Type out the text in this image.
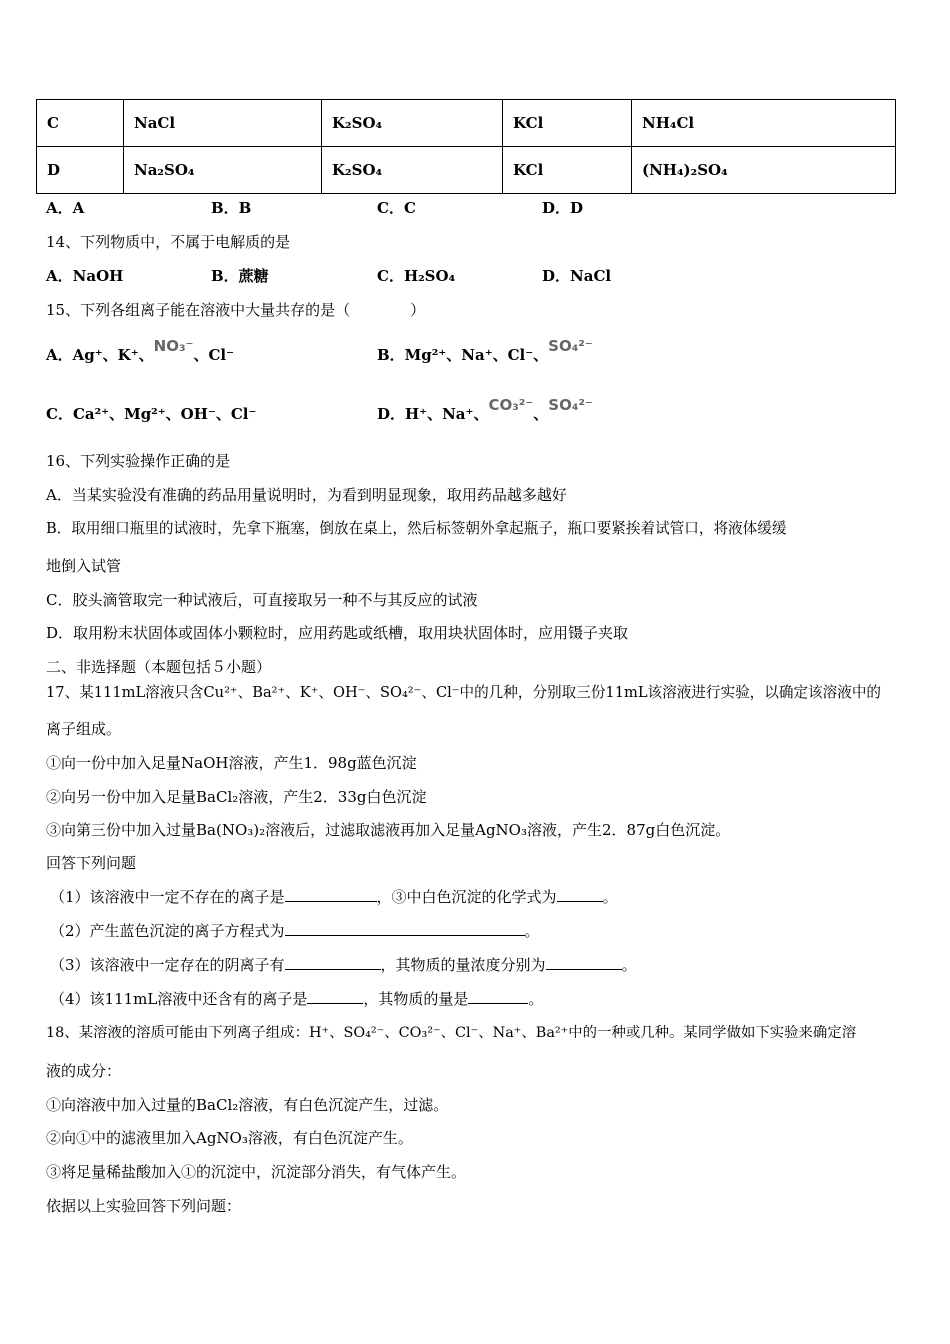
C	NaCl	K₂SO₄	KCl	NH₄Cl
D	Na₂SO₄	K₂SO₄	KCl	(NH₄)₂SO₄
A．A	B．B	C．C	D．D
14、下列物质中，不属于电解质的是
A．NaOH	B．蔗糖	C．H₂SO₄	D．NaCl
15、下列各组离子能在溶液中大量共存的是（　　　　）
A．Ag⁺、K⁺、NO₃⁻、Cl⁻	B．Mg²⁺、Na⁺、Cl⁻、SO₄²⁻
C．Ca²⁺、Mg²⁺、OH⁻、Cl⁻	D．H⁺、Na⁺、CO₃²⁻、SO₄²⁻
16、下列实验操作正确的是
A．当某实验没有准确的药品用量说明时，为看到明显现象，取用药品越多越好
B．取用细口瓶里的试液时，先拿下瓶塞，倒放在桌上，然后标签朝外拿起瓶子，瓶口要紧挨着试管口，将液体缓缓
地倒入试管
C．胶头滴管取完一种试液后，可直接取另一种不与其反应的试液
D．取用粉末状固体或固体小颗粒时，应用药匙或纸槽，取用块状固体时，应用镊子夹取
二、非选择题（本题包括５小题）
17、某111mL溶液只含Cu²⁺、Ba²⁺、K⁺、OH⁻、SO₄²⁻、Cl⁻中的几种，分别取三份11mL该溶液进行实验，以确定该溶液中的
离子组成。
①向一份中加入足量NaOH溶液，产生1．98g蓝色沉淀
②向另一份中加入足量BaCl₂溶液，产生2．33g白色沉淀
③向第三份中加入过量Ba(NO₃)₂溶液后，过滤取滤液再加入足量AgNO₃溶液，产生2．87g白色沉淀。
回答下列问题
（1）该溶液中一定不存在的离子是	，③中白色沉淀的化学式为	。
（2）产生蓝色沉淀的离子方程式为	。
（3）该溶液中一定存在的阴离子有	，其物质的量浓度分别为	。
（4）该111mL溶液中还含有的离子是	，其物质的量是	。
18、某溶液的溶质可能由下列离子组成：H⁺、SO₄²⁻、CO₃²⁻、Cl⁻、Na⁺、Ba²⁺中的一种或几种。某同学做如下实验来确定溶
液的成分：
①向溶液中加入过量的BaCl₂溶液，有白色沉淀产生，过滤。
②向①中的滤液里加入AgNO₃溶液，有白色沉淀产生。
③将足量稀盐酸加入①的沉淀中，沉淀部分消失，有气体产生。
依据以上实验回答下列问题：
